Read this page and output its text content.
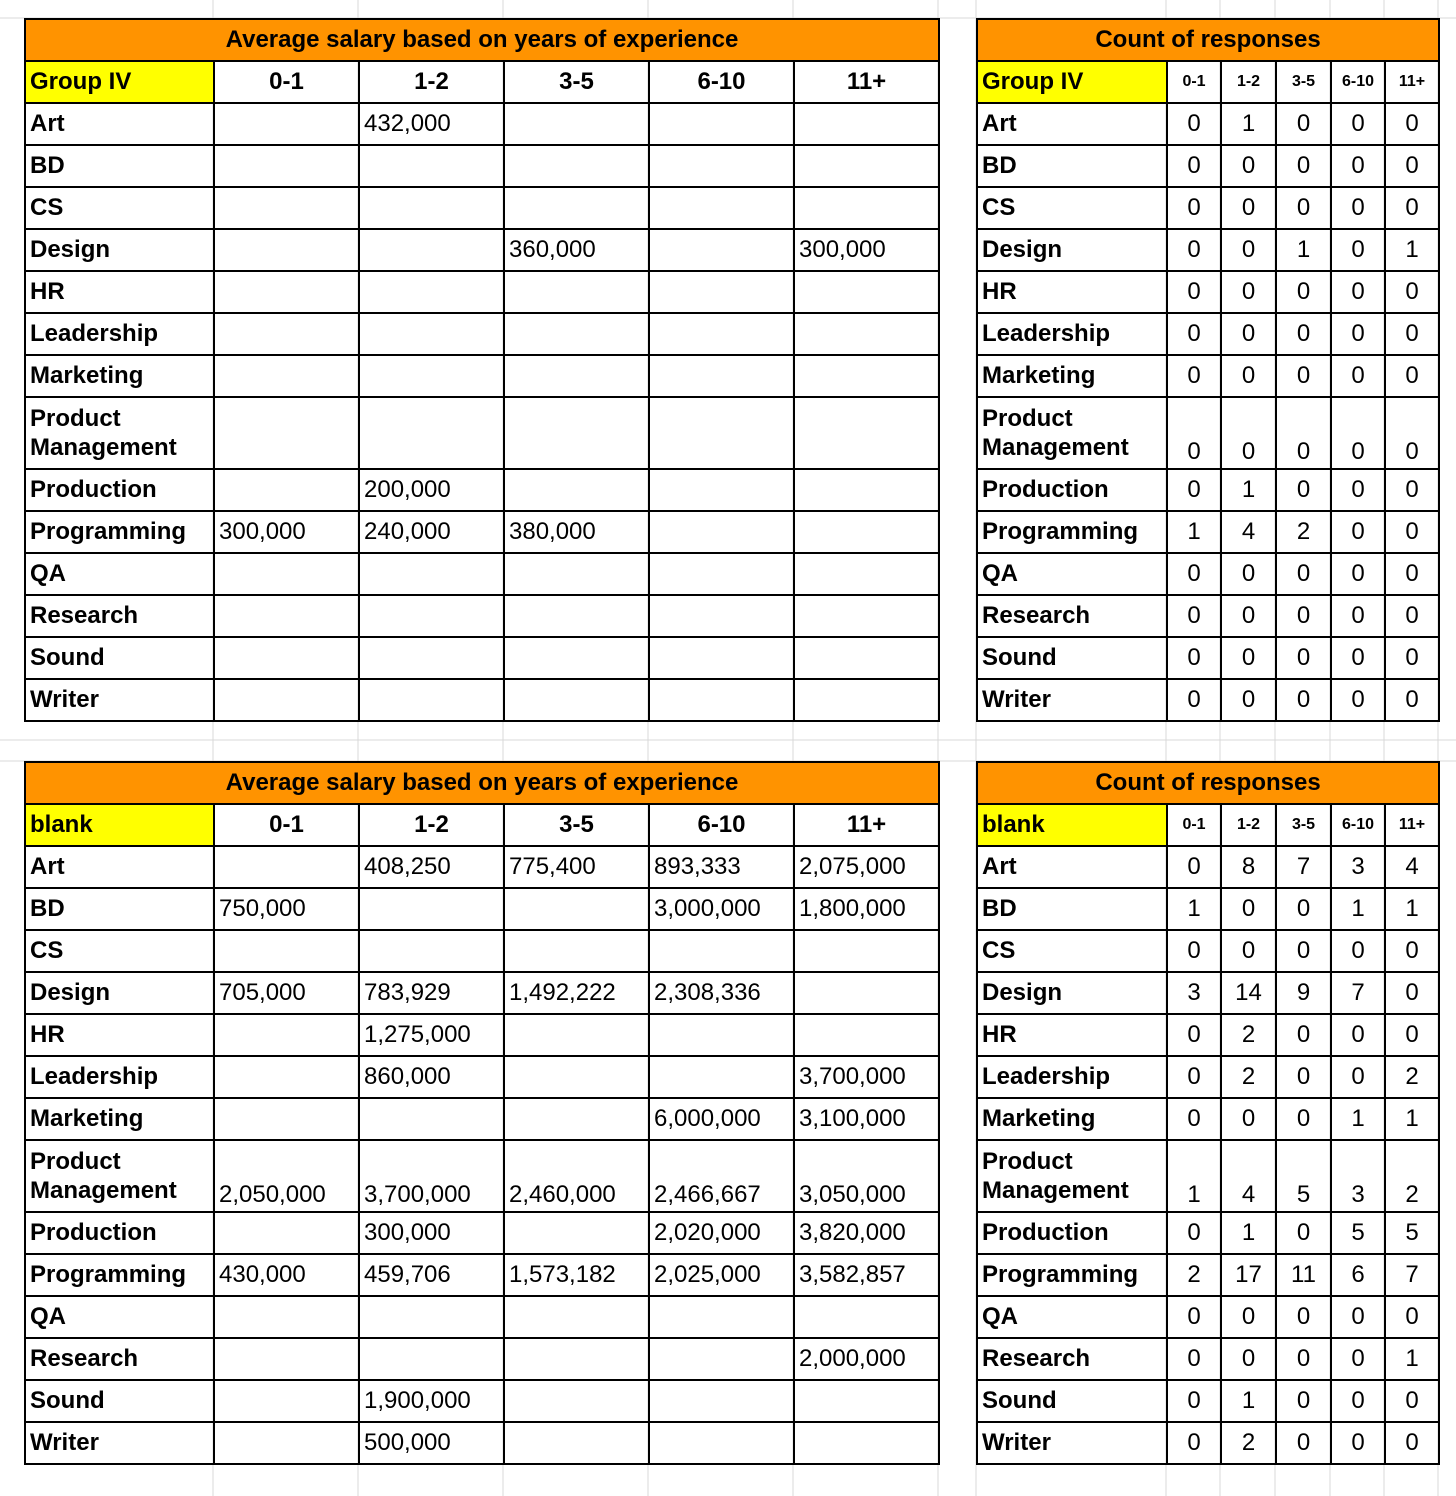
Average salary based on years of experience					
Group IV	0-1	1-2	3-5	6-10	11+
Art		432,000			
BD					
CS					
Design			360,000		300,000
HR					
Leadership					
Marketing					
Product Management					
Production		200,000			
Programming	300,000	240,000	380,000		
QA					
Research					
Sound					
Writer					
Count of responses					
Group IV	0-1	1-2	3-5	6-10	11+
Art	0	1	0	0	0
BD	0	0	0	0	0
CS	0	0	0	0	0
Design	0	0	1	0	1
HR	0	0	0	0	0
Leadership	0	0	0	0	0
Marketing	0	0	0	0	0
Product Management	0	0	0	0	0
Production	0	1	0	0	0
Programming	1	4	2	0	0
QA	0	0	0	0	0
Research	0	0	0	0	0
Sound	0	0	0	0	0
Writer	0	0	0	0	0
Average salary based on years of experience					
blank	0-1	1-2	3-5	6-10	11+
Art		408,250	775,400	893,333	2,075,000
BD	750,000			3,000,000	1,800,000
CS					
Design	705,000	783,929	1,492,222	2,308,336	
HR		1,275,000			
Leadership		860,000			3,700,000
Marketing				6,000,000	3,100,000
Product Management	2,050,000	3,700,000	2,460,000	2,466,667	3,050,000
Production		300,000		2,020,000	3,820,000
Programming	430,000	459,706	1,573,182	2,025,000	3,582,857
QA					
Research					2,000,000
Sound		1,900,000			
Writer		500,000			
Count of responses					
blank	0-1	1-2	3-5	6-10	11+
Art	0	8	7	3	4
BD	1	0	0	1	1
CS	0	0	0	0	0
Design	3	14	9	7	0
HR	0	2	0	0	0
Leadership	0	2	0	0	2
Marketing	0	0	0	1	1
Product Management	1	4	5	3	2
Production	0	1	0	5	5
Programming	2	17	11	6	7
QA	0	0	0	0	0
Research	0	0	0	0	1
Sound	0	1	0	0	0
Writer	0	2	0	0	0
